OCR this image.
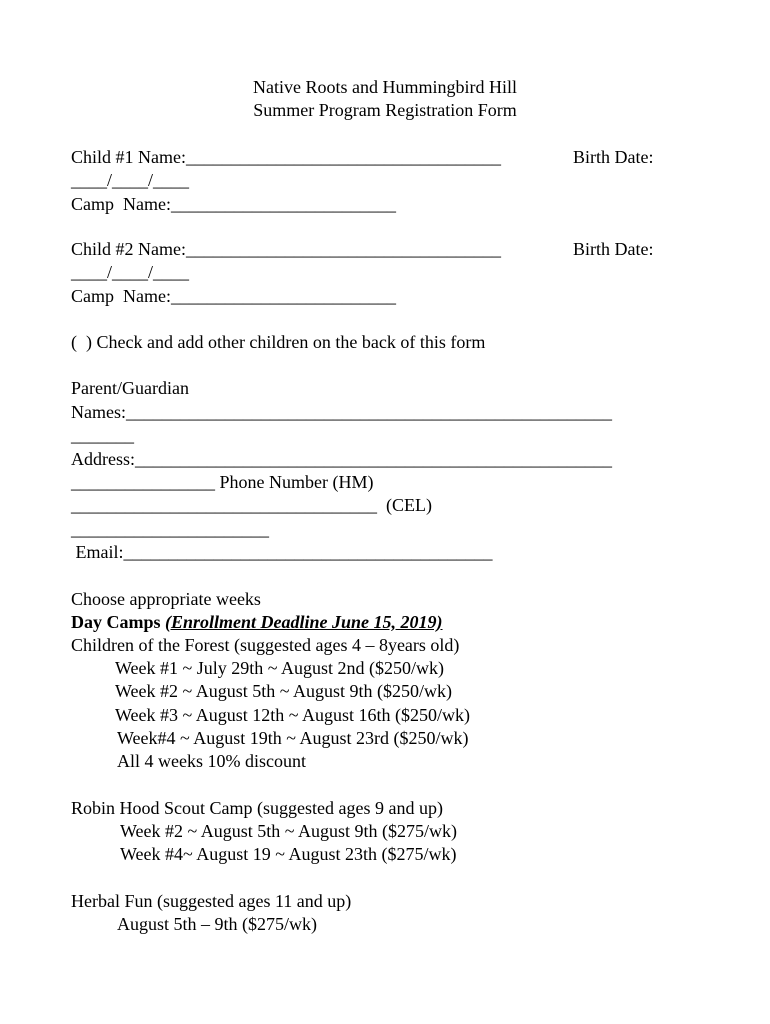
Native Roots and Hummingbird Hill
Summer Program Registration Form
Child #1 Name:___________________________________	Birth Date:
____/____/____
Camp  Name:_________________________
Child #2 Name:___________________________________	Birth Date:
____/____/____
Camp  Name:_________________________
(  ) Check and add other children on the back of this form
Parent/Guardian
Names:______________________________________________________
_______
Address:_____________________________________________________
________________ Phone Number (HM)
__________________________________  (CEL)
______________________
Email:_________________________________________
Choose appropriate weeks
Day Camps (Enrollment Deadline June 15, 2019)
Children of the Forest (suggested ages 4 – 8years old)
Week #1 ~ July 29th ~ August 2nd ($250/wk)
Week #2 ~ August 5th ~ August 9th ($250/wk)
Week #3 ~ August 12th ~ August 16th ($250/wk)
Week#4 ~ August 19th ~ August 23rd ($250/wk)
All 4 weeks 10% discount
Robin Hood Scout Camp (suggested ages 9 and up)
Week #2 ~ August 5th ~ August 9th ($275/wk)
Week #4~ August 19 ~ August 23th ($275/wk)
Herbal Fun (suggested ages 11 and up)
August 5th – 9th ($275/wk)
